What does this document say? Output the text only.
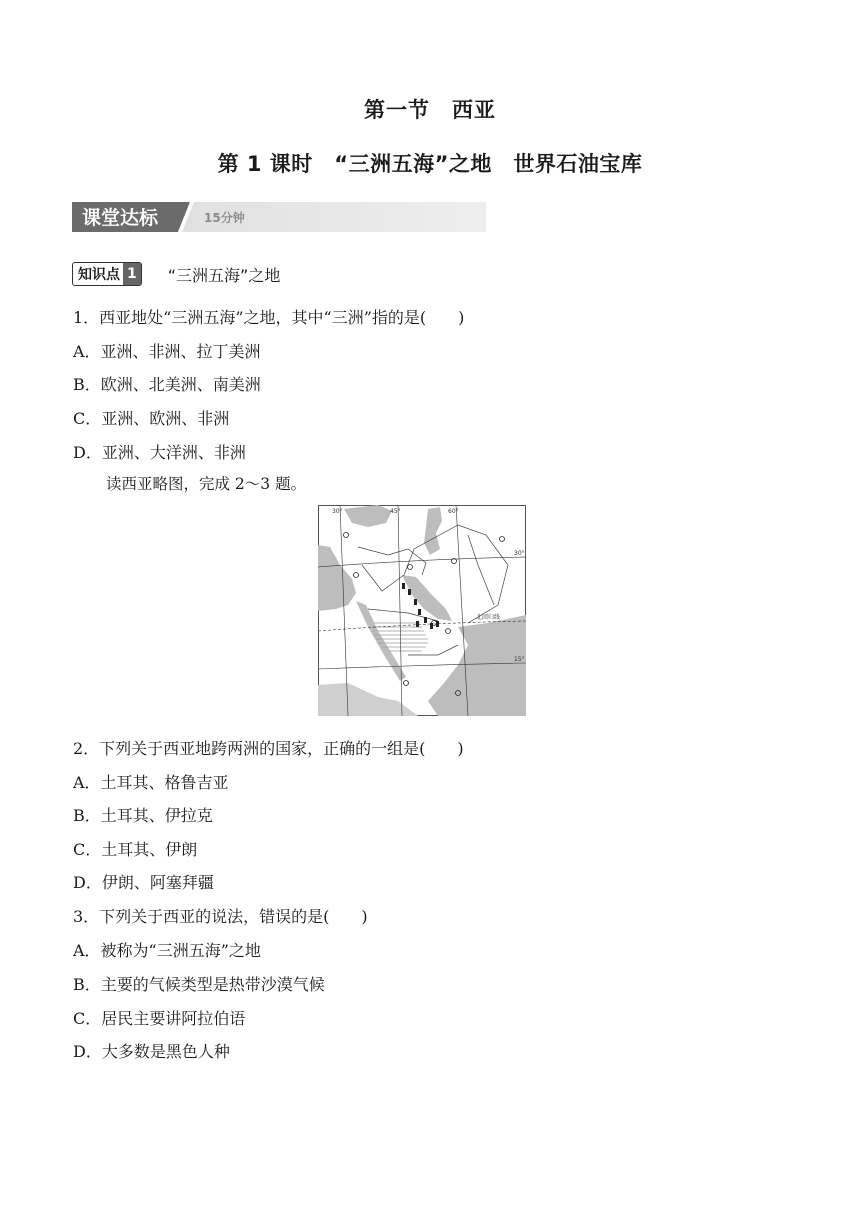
第一节　西亚
第 1 课时　“三洲五海”之地　世界石油宝库
课堂达标	15分钟
知识点 1 “三洲五海”之地
1．西亚地处“三洲五海”之地，其中“三洲”指的是(　　)
A．亚洲、非洲、拉丁美洲
B．欧洲、北美洲、南美洲
C．亚洲、欧洲、非洲
D．亚洲、大洋洲、非洲
读西亚略图，完成 2～3 题。
30°	45°	60°
30°
15°
北回归线
2．下列关于西亚地跨两洲的国家，正确的一组是(　　)
A．土耳其、格鲁吉亚
B．土耳其、伊拉克
C．土耳其、伊朗
D．伊朗、阿塞拜疆
3．下列关于西亚的说法，错误的是(　　)
A．被称为“三洲五海”之地
B．主要的气候类型是热带沙漠气候
C．居民主要讲阿拉伯语
D．大多数是黑色人种
